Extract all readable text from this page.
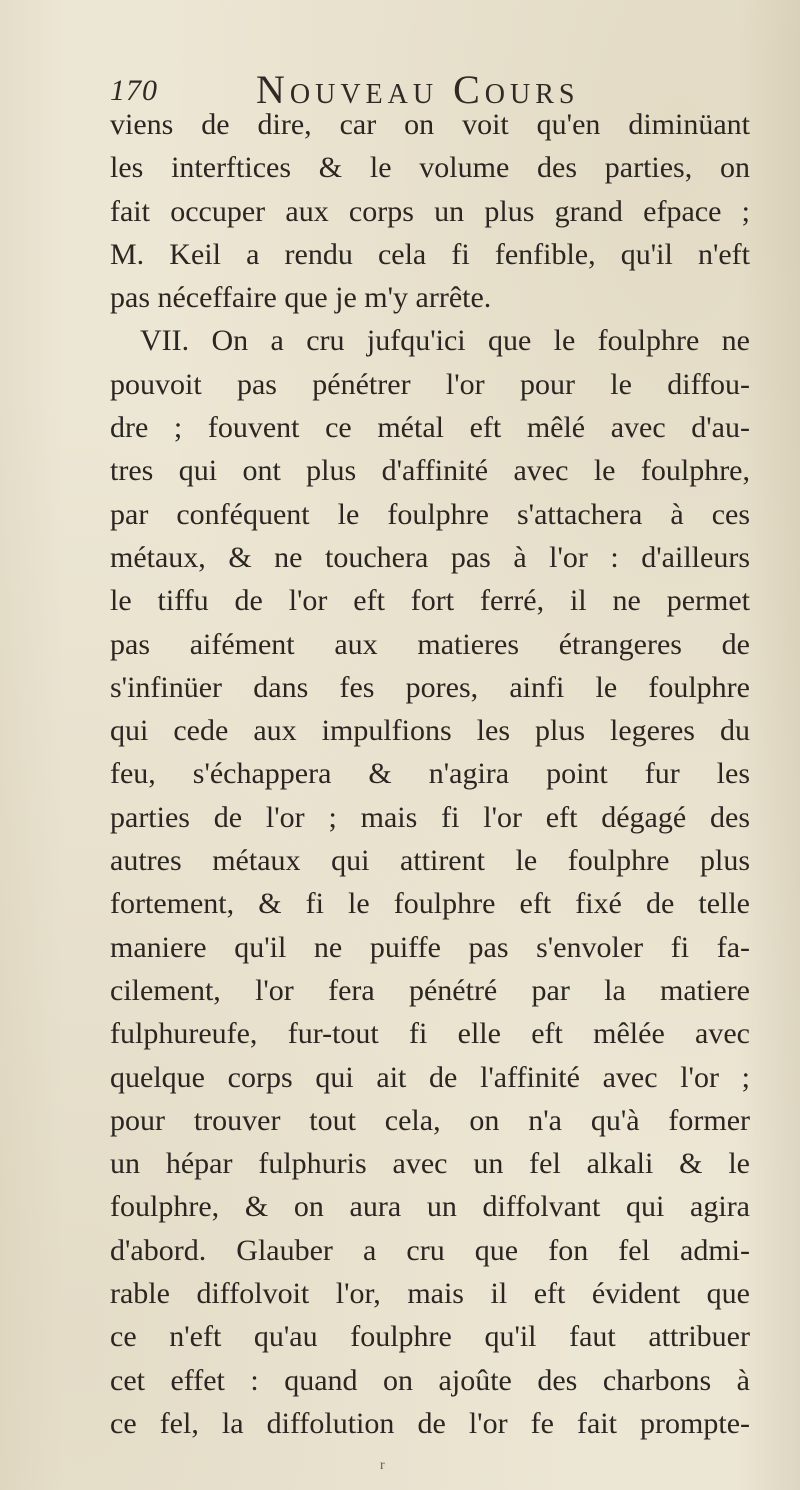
170 Nouveau Cours
viens de dire, car on voit qu'en diminüant
les interftices & le volume des parties, on
fait occuper aux corps un plus grand efpace ;
M. Keil a rendu cela fi fenfible, qu'il n'eft
pas néceffaire que je m'y arrête.
VII. On a cru jufqu'ici que le foulphre ne
pouvoit pas pénétrer l'or pour le diffou-
dre ; fouvent ce métal eft mêlé avec d'au-
tres qui ont plus d'affinité avec le foulphre,
par conféquent le foulphre s'attachera à ces
métaux, & ne touchera pas à l'or : d'ailleurs
le tiffu de l'or eft fort ferré, il ne permet
pas aifément aux matieres étrangeres de
s'infinüer dans fes pores, ainfi le foulphre
qui cede aux impulfions les plus legeres du
feu, s'échappera & n'agira point fur les
parties de l'or ; mais fi l'or eft dégagé des
autres métaux qui attirent le foulphre plus
fortement, & fi le foulphre eft fixé de telle
maniere qu'il ne puiffe pas s'envoler fi fa-
cilement, l'or fera pénétré par la matiere
fulphureufe, fur-tout fi elle eft mêlée avec
quelque corps qui ait de l'affinité avec l'or ;
pour trouver tout cela, on n'a qu'à former
un hépar fulphuris avec un fel alkali & le
foulphre, & on aura un diffolvant qui agira
d'abord. Glauber a cru que fon fel admi-
rable diffolvoit l'or, mais il eft évident que
ce n'eft qu'au foulphre qu'il faut attribuer
cet effet : quand on ajoûte des charbons à
ce fel, la diffolution de l'or fe fait prompte-
r
